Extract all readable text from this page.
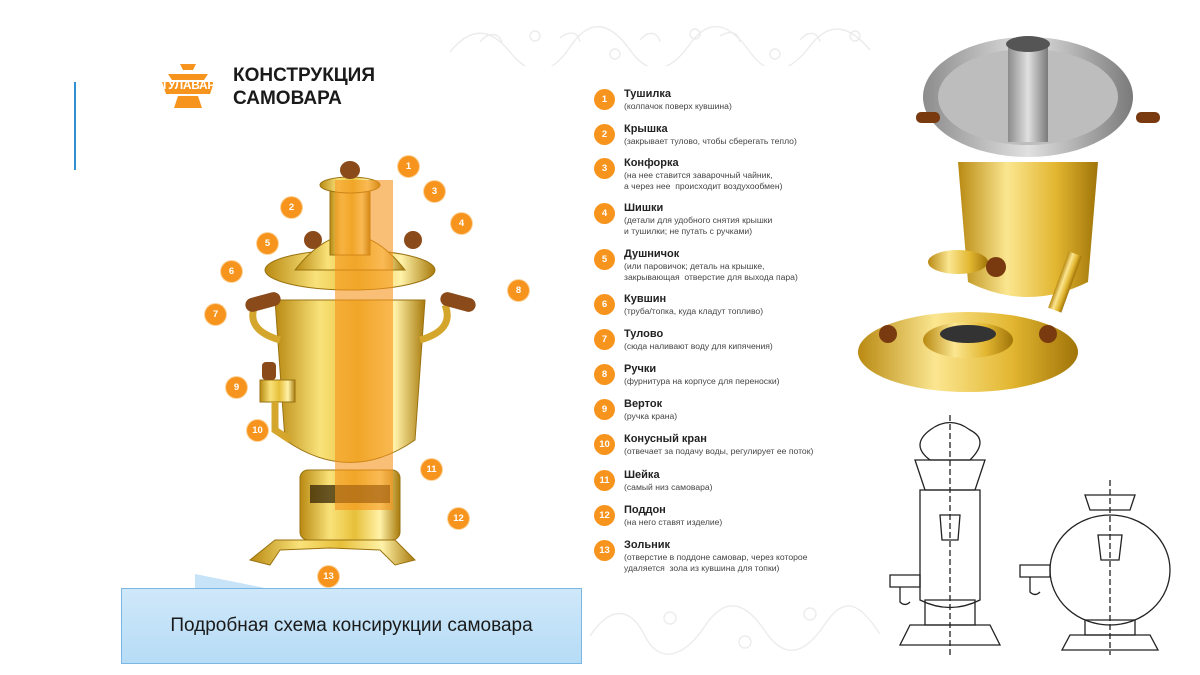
ТУЛАВАР КОНСТРУКЦИЯ
САМОВАРА
1
2
3
4
5
6
7
8
9
10
11
12
13
1	Тушилка
(колпачок поверх кувшина)
2	Крышка
(закрывает тулово, чтобы сберегать тепло)
3	Конфорка
(на нее ставится заварочный чайник,
а через нее  происходит воздухообмен)
4	Шишки
(детали для удобного снятия крышки
и тушилки; не путать с ручками)
5	Душничок
(или паровичок; деталь на крышке,
закрывающая  отверстие для выхода пара)
6	Кувшин
(труба/топка, куда кладут топливо)
7	Тулово
(сюда наливают воду для кипячения)
8	Ручки
(фурнитура на корпусе для переноски)
9	Верток
(ручка крана)
10	Конусный кран
(отвечает за подачу воды, регулирует ее поток)
11	Шейка
(самый низ самовара)
12	Поддон
(на него ставят изделие)
13	Зольник
(отверстие в поддоне самовар, через которое
удаляется  зола из кувшина для топки)
Подробная схема консирукции самовара
